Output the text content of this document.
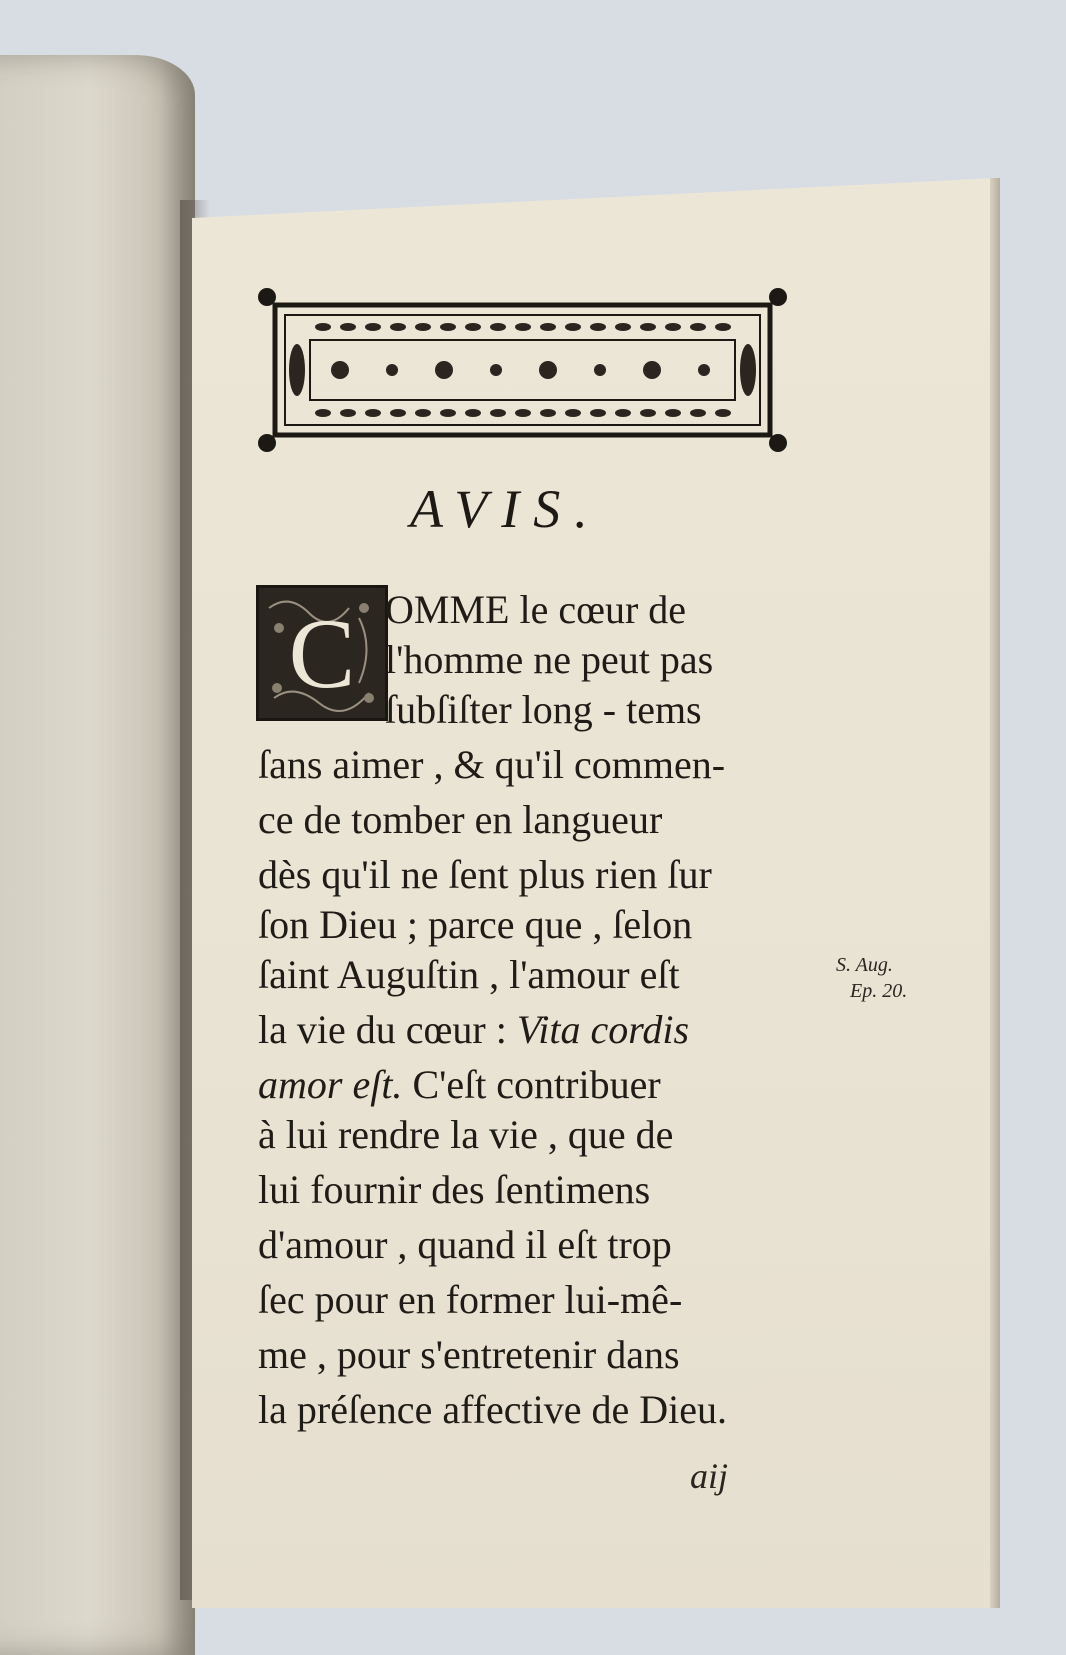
AVIS.
C OMME le cœur de
l'homme ne peut pas
ſubſiſter long - tems
ſans aimer , & qu'il commen-
ce de tomber en langueur
dès qu'il ne ſent plus rien ſur
ſon Dieu ; parce que , ſelon
ſaint Auguſtin , l'amour eſt
la vie du cœur : Vita cordis
amor eſt. C'eſt contribuer
à lui rendre la vie , que de
lui fournir des ſentimens
d'amour , quand il eſt trop
ſec pour en former lui-mê-
me , pour s'entretenir dans
la préſence affective de Dieu.
S. Aug.
Ep. 20.
aij
